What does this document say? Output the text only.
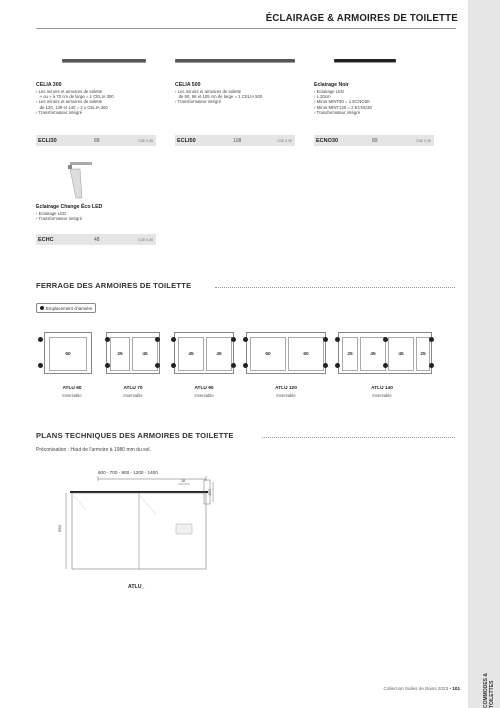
COMMODES & TOILETTES
ÉCLAIRAGE & ARMOIRES DE TOILETTE
CELIA 300
› Les miroirs et armoires de toilette
« ou » à 70 cm de large = 1 CELIA 300
› Les miroirs et armoires de toilette
de 120, 139 et 140 = 2 x CELIA 300
› Transformateur intégré
ECLI30	89	D3E 0,08
CELIA 500
› Les miroirs et armoires de toilette
de 90, 96 et 105 cm de large = 1 CELIA 500
› Transformateur intégré
ECLI50	108	D3E 0,08
Eclairage Noir
› Eclairage LED
› L 30cm
› Miroir MINT90 = 1 ECNO30
› Miroir MINT120 = 2 ECNO30
› Transformateur intégré
ECNO30	89	D3E 0,08
Eclairage Change Éco LED
› Eclairage LED
› Transformateur intégré
ECHC	48	D3E 0,08
FERRAGE DES ARMOIRES DE TOILETTE
Emplacement charnière
60
ATLU 60
Inversable
25	45
ATLU 70
Inversable
45	45
ATLU 90
Inversable
60	60
ATLU 120
Inversable
25	45	45	25
ATLU 140
Inversable
PLANS TECHNIQUES DES ARMOIRES DE TOILETTE
Préconisation : Haut de l'armoire à 1980 mm du sol.
600 - 700 - 900 - 1200 - 1400
560
18
13,5
ATLU_
Collection Salles de Bains 2023 • 101
